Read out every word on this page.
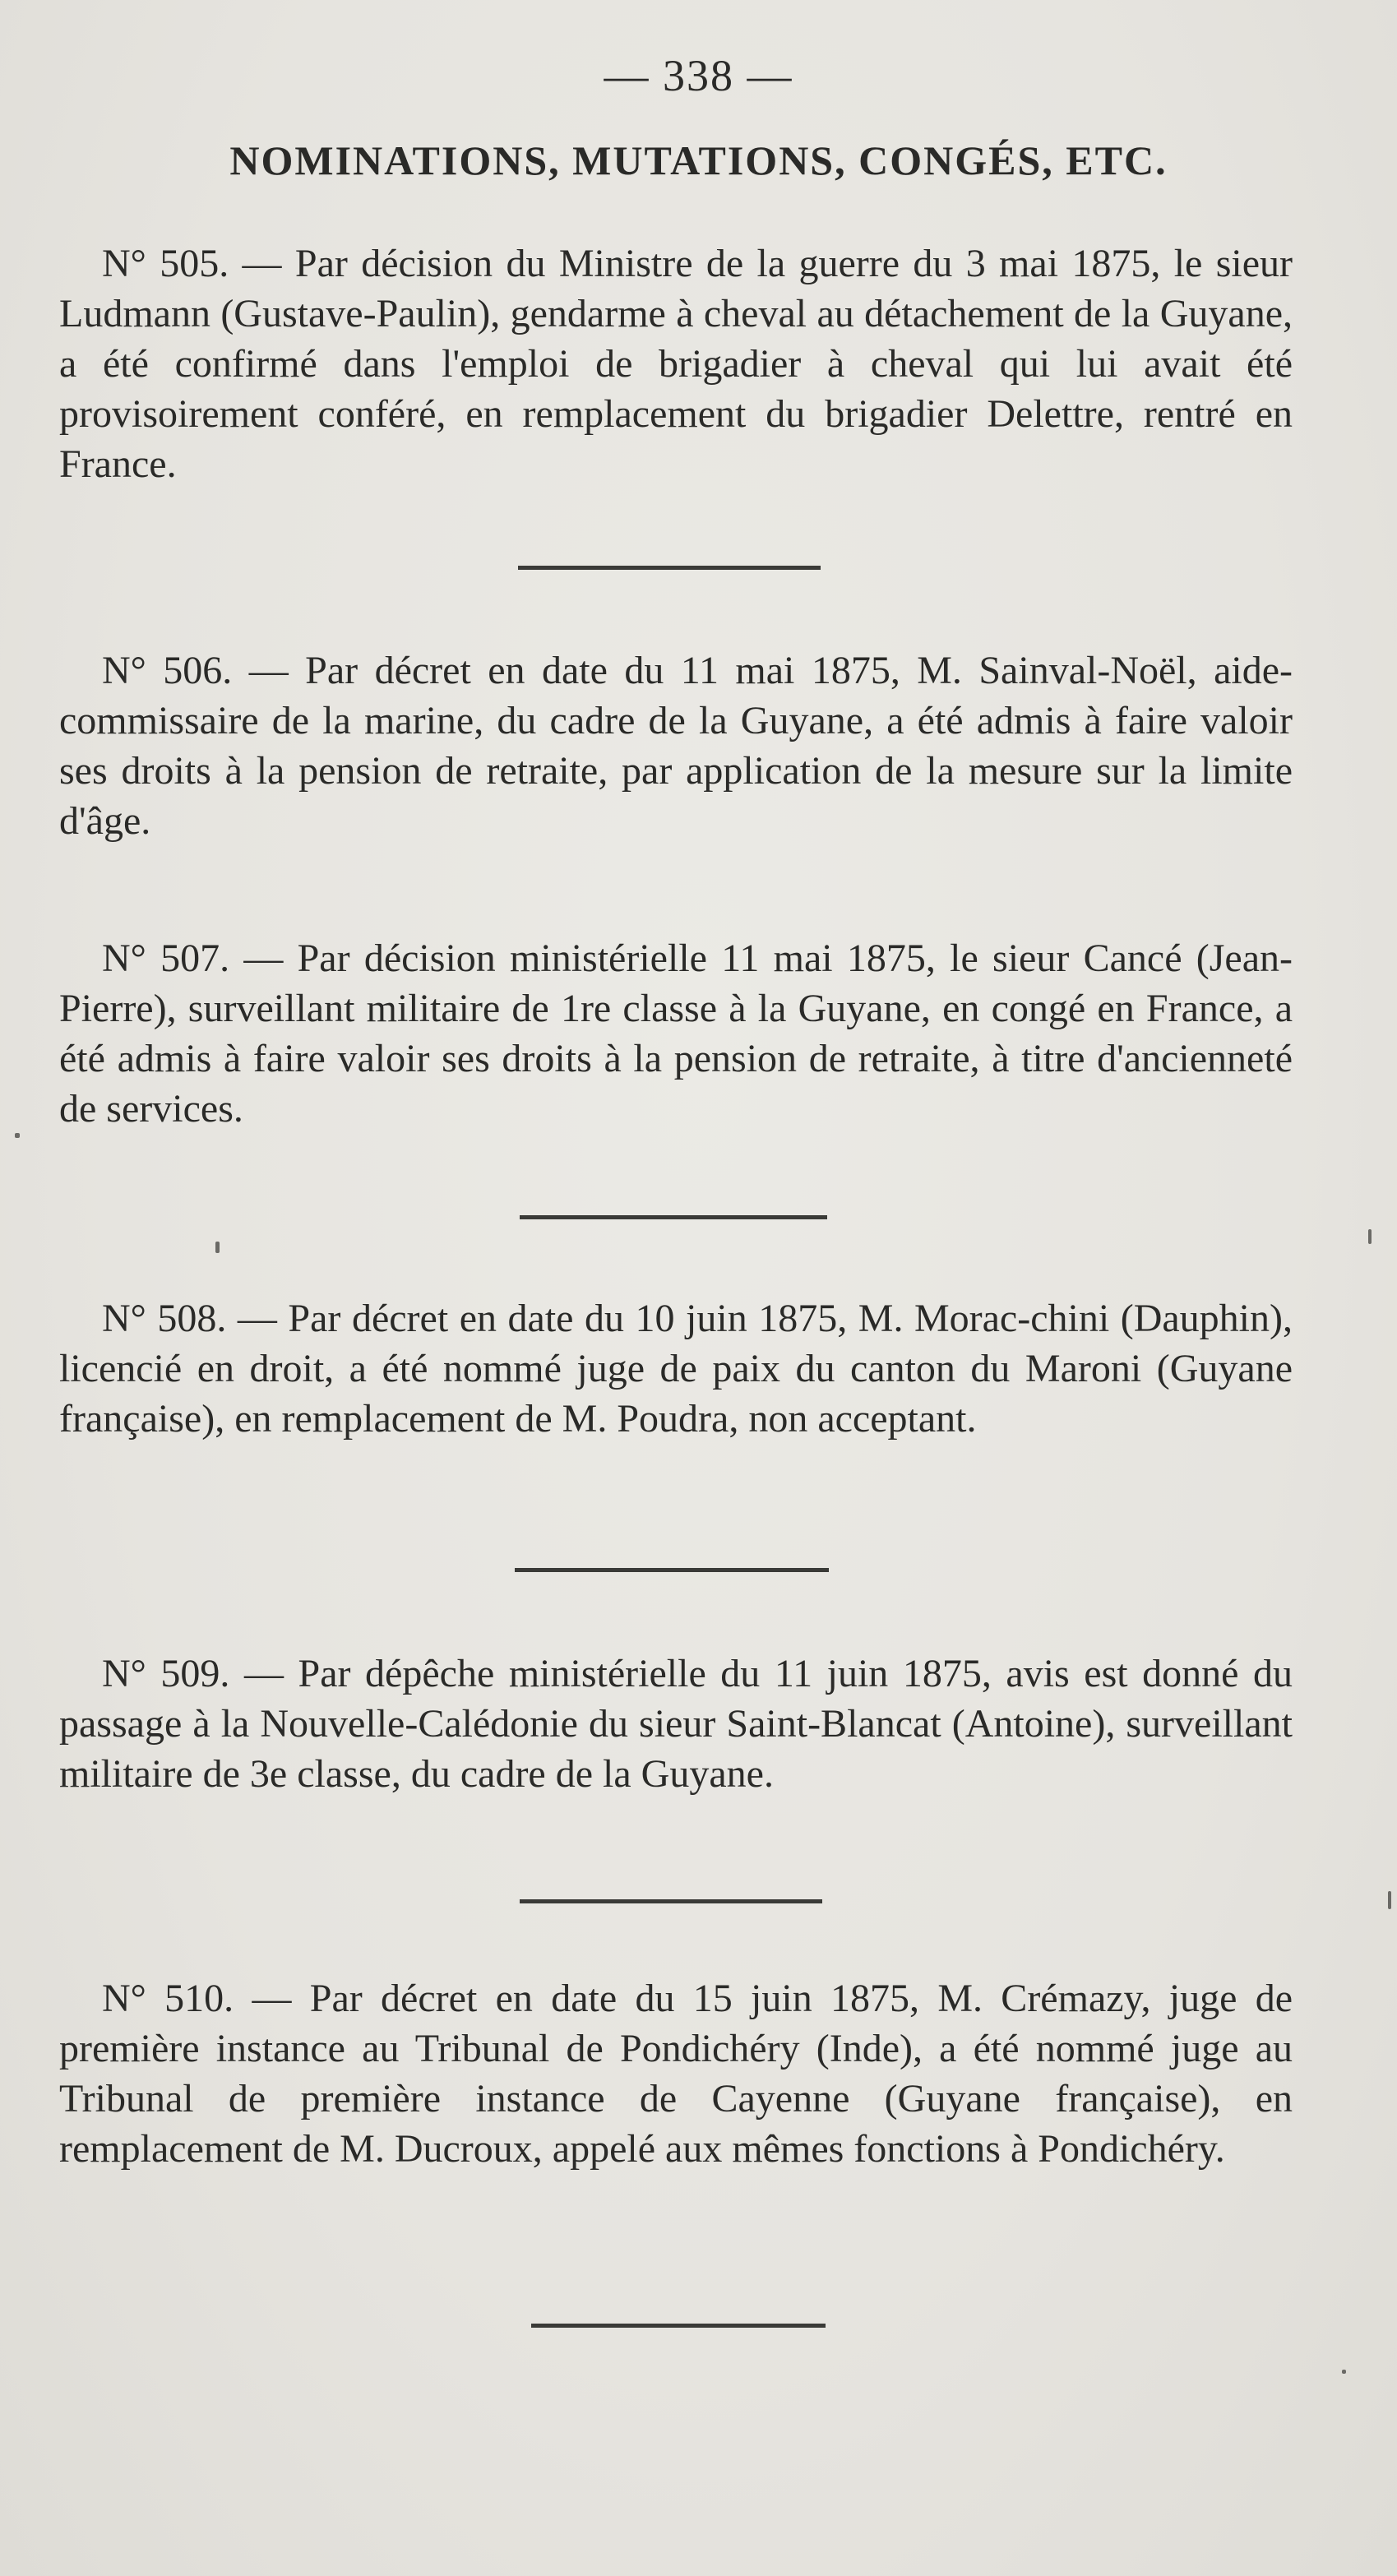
— 338 —
NOMINATIONS, MUTATIONS, CONGÉS, ETC.
N° 505. — Par décision du Ministre de la guerre du 3 mai 1875, le sieur Ludmann (Gustave-Paulin), gendarme à cheval au détachement de la Guyane, a été confirmé dans l'emploi de brigadier à cheval qui lui avait été provisoirement conféré, en remplacement du brigadier Delettre, rentré en France.
N° 506. — Par décret en date du 11 mai 1875, M. Sainval-Noël, aide-commissaire de la marine, du cadre de la Guyane, a été admis à faire valoir ses droits à la pension de retraite, par application de la mesure sur la limite d'âge.
N° 507. — Par décision ministérielle 11 mai 1875, le sieur Cancé (Jean-Pierre), surveillant militaire de 1re classe à la Guyane, en congé en France, a été admis à faire valoir ses droits à la pension de retraite, à titre d'ancienneté de services.
N° 508. — Par décret en date du 10 juin 1875, M. Morac-chini (Dauphin), licencié en droit, a été nommé juge de paix du canton du Maroni (Guyane française), en remplacement de M. Poudra, non acceptant.
N° 509. — Par dépêche ministérielle du 11 juin 1875, avis est donné du passage à la Nouvelle-Calédonie du sieur Saint-Blancat (Antoine), surveillant militaire de 3e classe, du cadre de la Guyane.
N° 510. — Par décret en date du 15 juin 1875, M. Crémazy, juge de première instance au Tribunal de Pondichéry (Inde), a été nommé juge au Tribunal de première instance de Cayenne (Guyane française), en remplacement de M. Ducroux, appelé aux mêmes fonctions à Pondichéry.
